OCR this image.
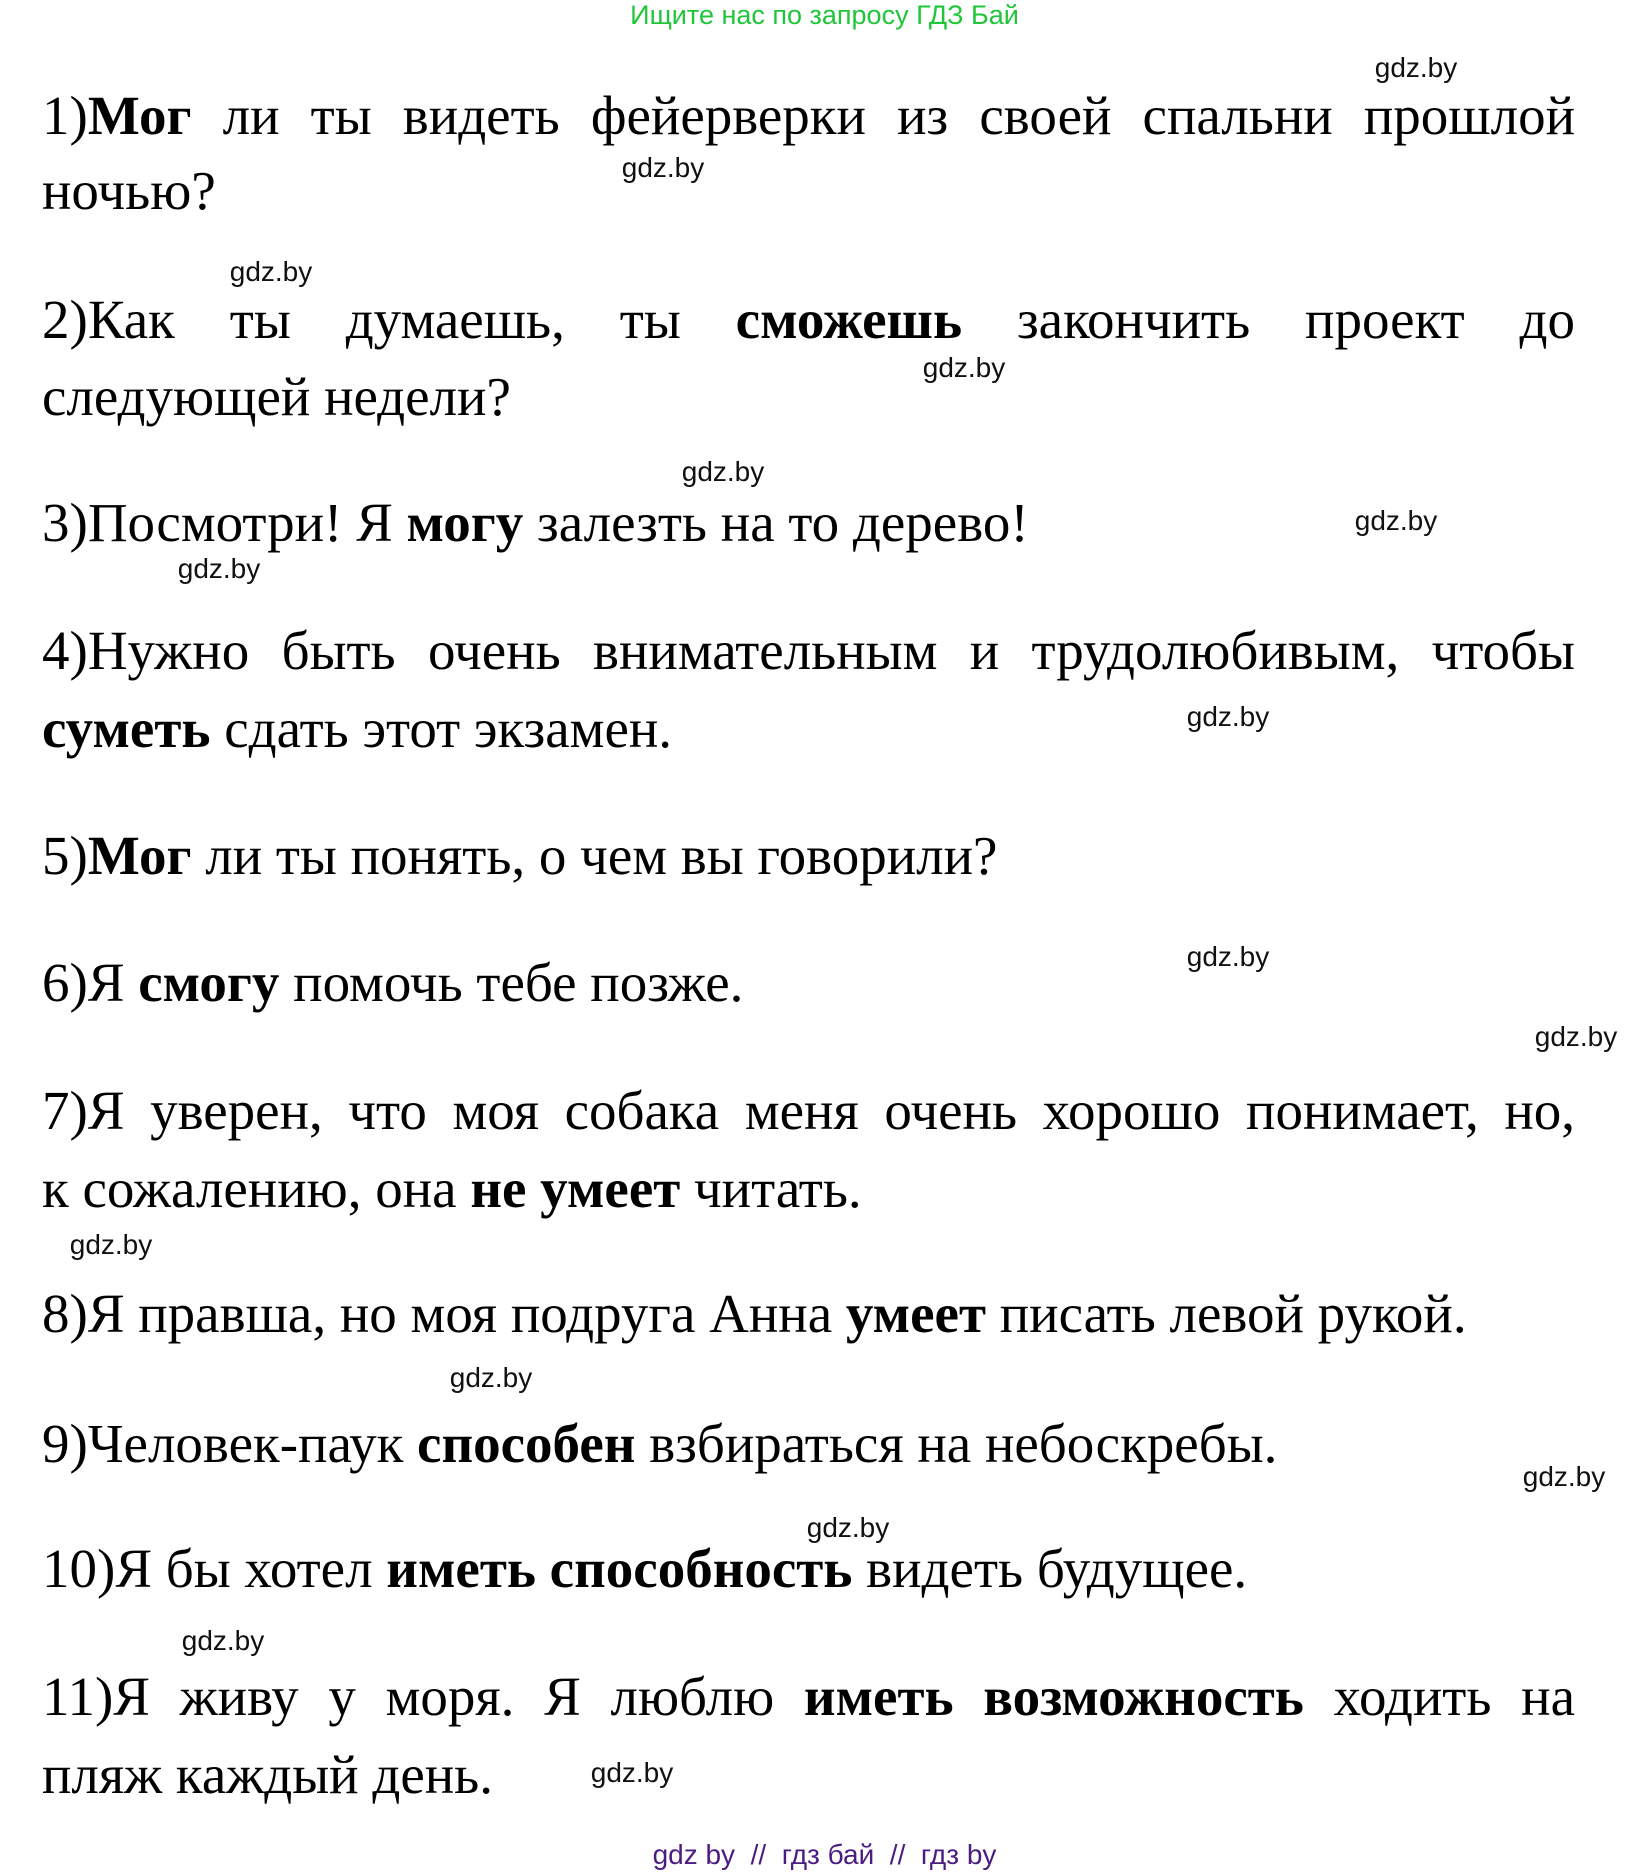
Ищите нас по запросу ГДЗ Бай
1)Мог ли ты видеть фейерверки из своей спальни прошлой
ночью?
2)Как ты думаешь, ты сможешь закончить проект до
следующей недели?
3)Посмотри! Я могу залезть на то дерево!
4)Нужно быть очень внимательным и трудолюбивым, чтобы
суметь сдать этот экзамен.
5)Мог ли ты понять, о чем вы говорили?
6)Я смогу помочь тебе позже.
7)Я уверен, что моя собака меня очень хорошо понимает, но,
к сожалению, она не умеет читать.
8)Я правша, но моя подруга Анна умеет писать левой рукой.
9)Человек-паук способен взбираться на небоскребы.
10)Я бы хотел иметь способность видеть будущее.
11)Я живу у моря. Я люблю иметь возможность ходить на
пляж каждый день.
gdz.by
gdz.by
gdz.by
gdz.by
gdz.by
gdz.by
gdz.by
gdz.by
gdz.by
gdz.by
gdz.by
gdz.by
gdz.by
gdz.by
gdz.by
gdz.by
gdz by  //  гдз бай  //  гдз by
